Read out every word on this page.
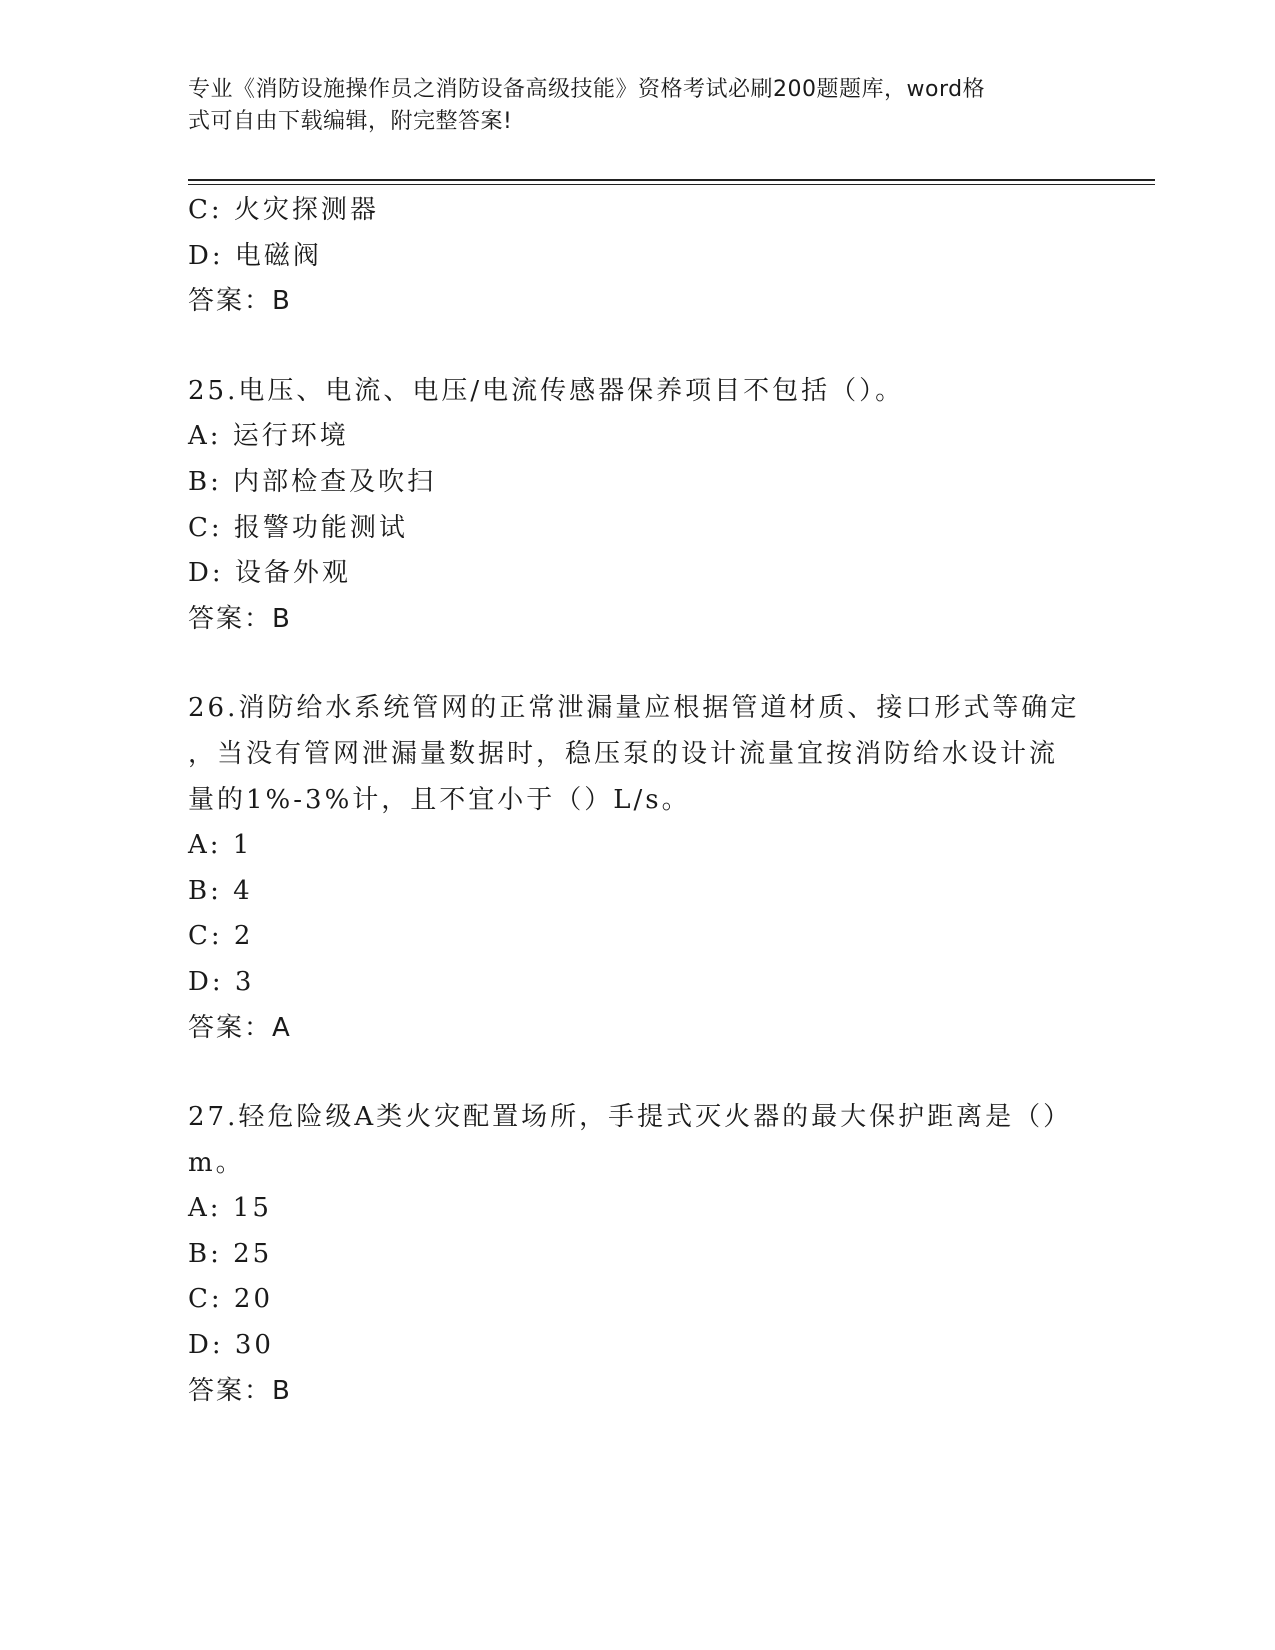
专业《消防设施操作员之消防设备高级技能》资格考试必刷200题题库，word格
式可自由下载编辑，附完整答案!
C: 火灾探测器
D: 电磁阀
答案：B
25.电压、电流、电压/电流传感器保养项目不包括（）。
A: 运行环境
B: 内部检查及吹扫
C: 报警功能测试
D: 设备外观
答案：B
26.消防给水系统管网的正常泄漏量应根据管道材质、接口形式等确定
，当没有管网泄漏量数据时，稳压泵的设计流量宜按消防给水设计流
量的1%-3%计，且不宜小于（）L/s。
A: 1
B: 4
C: 2
D: 3
答案：A
27.轻危险级A类火灾配置场所，手提式灭火器的最大保护距离是（）
m。
A: 15
B: 25
C: 20
D: 30
答案：B
